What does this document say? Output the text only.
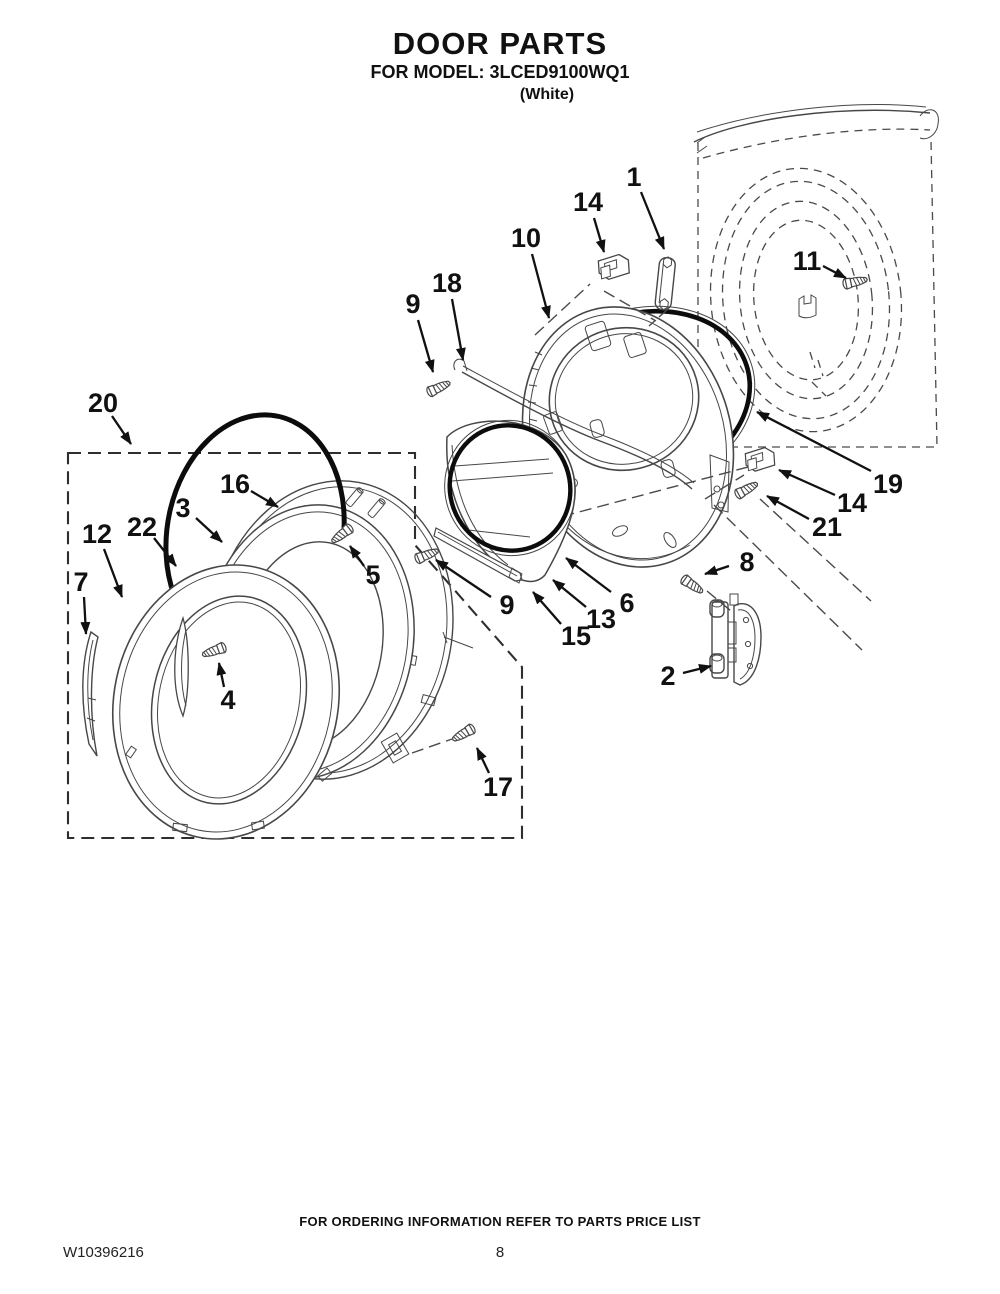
DOOR PARTS
FOR MODEL: 3LCED9100WQ1
(White)
1
14
10
18
9
11
20
16
3
22
12
7	5
19
14
21
8
9
15
13
6
2
4
17
FOR ORDERING INFORMATION REFER TO PARTS PRICE LIST
W10396216	8
